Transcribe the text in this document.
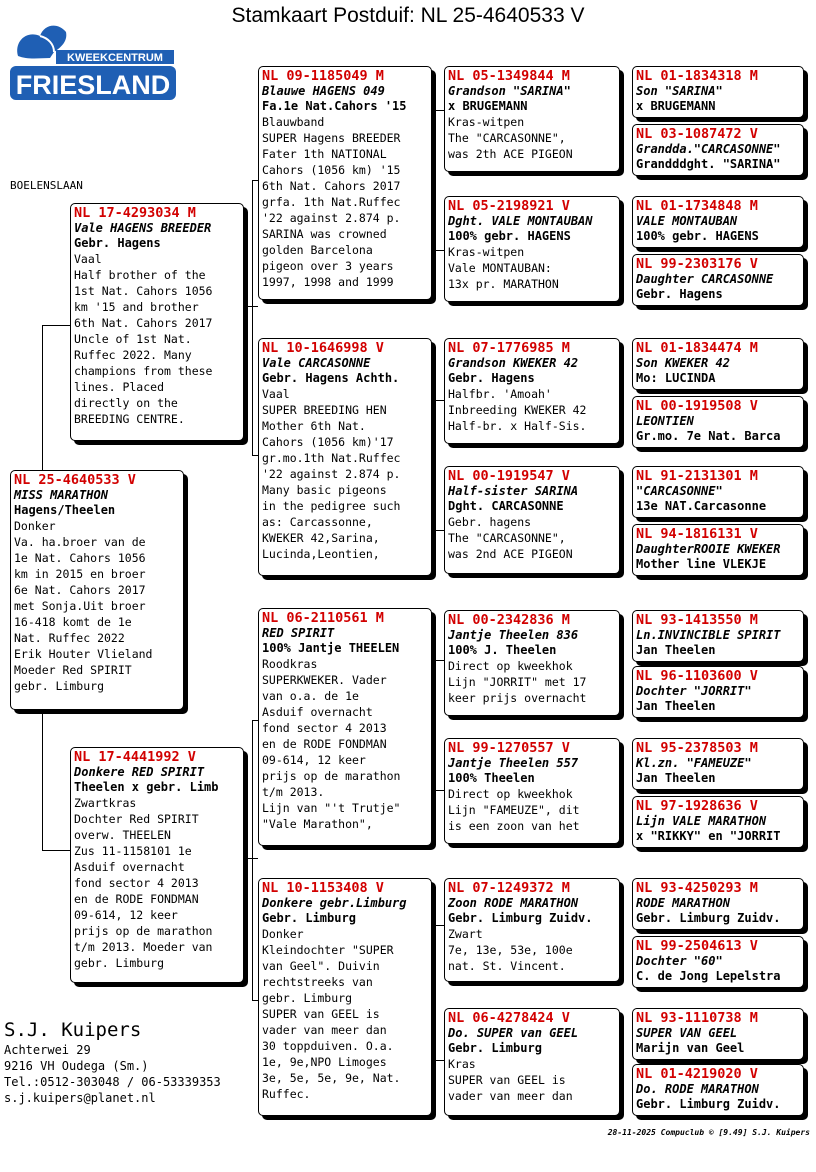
Stamkaart Postduif: NL 25-4640533 V
KWEEKCENTRUM
FRIESLAND
BOELENSLAAN
NL 25-4640533 V
MISS MARATHON
Hagens/Theelen
Donker
Va. ha.broer van de
1e Nat. Cahors 1056
km in 2015 en broer
6e Nat. Cahors 2017
met Sonja.Uit broer
16-418 komt de 1e
Nat. Ruffec 2022
Erik Houter Vlieland
Moeder Red SPIRIT
gebr. Limburg
NL 17-4293034 M
Vale HAGENS BREEDER
Gebr. Hagens
Vaal
Half brother of the
1st Nat. Cahors 1056
km '15 and brother
6th Nat. Cahors 2017
Uncle of 1st Nat.
Ruffec 2022. Many
champions from these
lines. Placed
directly on the
BREEDING CENTRE.
NL 17-4441992 V
Donkere RED SPIRIT
Theelen x gebr. Limb
Zwartkras
Dochter Red SPIRIT
overw. THEELEN
Zus 11-1158101 1e
Asduif overnacht
fond sector 4 2013
en de RODE FONDMAN
09-614, 12 keer
prijs op de marathon
t/m 2013. Moeder van
gebr. Limburg
NL 09-1185049 M
Blauwe HAGENS 049
Fa.1e Nat.Cahors '15
Blauwband
SUPER Hagens BREEDER
Fater 1th NATIONAL
Cahors (1056 km) '15
6th Nat. Cahors 2017
grfa. 1th Nat.Ruffec
'22 against 2.874 p.
SARINA was crowned
golden Barcelona
pigeon over 3 years
1997, 1998 and 1999
NL 10-1646998 V
Vale CARCASONNE
Gebr. Hagens Achth.
Vaal
SUPER BREEDING HEN
Mother 6th Nat.
Cahors (1056 km)'17
gr.mo.1th Nat.Ruffec
'22 against 2.874 p.
Many basic pigeons
in the pedigree such
as: Carcassonne,
KWEKER 42,Sarina,
Lucinda,Leontien,
NL 06-2110561 M
RED SPIRIT
100% Jantje THEELEN
Roodkras
SUPERKWEKER. Vader
van o.a. de 1e
Asduif overnacht
fond sector 4 2013
en de RODE FONDMAN
09-614, 12 keer
prijs op de marathon
t/m 2013.
Lijn van "'t Trutje"
"Vale Marathon",
NL 10-1153408 V
Donkere gebr.Limburg
Gebr. Limburg
Donker
Kleindochter "SUPER
van Geel". Duivin
rechtstreeks van
gebr. Limburg
SUPER van GEEL is
vader van meer dan
30 toppduiven. O.a.
1e, 9e,NPO Limoges
3e, 5e, 5e, 9e, Nat.
Ruffec.
NL 05-1349844 M
Grandson "SARINA"
x BRUGEMANN
Kras-witpen
The "CARCASONNE",
was 2th ACE PIGEON
NL 05-2198921 V
Dght. VALE MONTAUBAN
100% gebr. HAGENS
Kras-witpen
Vale MONTAUBAN:
13x pr. MARATHON
NL 07-1776985 M
Grandson KWEKER 42
Gebr. Hagens
Halfbr. 'Amoah'
Inbreeding KWEKER 42
Half-br. x Half-Sis.
NL 00-1919547 V
Half-sister SARINA
Dght. CARCASONNE
Gebr. hagens
The "CARCASONNE",
was 2nd ACE PIGEON
NL 00-2342836 M
Jantje Theelen 836
100% J. Theelen
Direct op kweekhok
Lijn "JORRIT" met 17
keer prijs overnacht
NL 99-1270557 V
Jantje Theelen 557
100% Theelen
Direct op kweekhok
Lijn "FAMEUZE", dit
is een zoon van het
NL 07-1249372 M
Zoon RODE MARATHON
Gebr. Limburg Zuidv.
Zwart
7e, 13e, 53e, 100e
nat. St. Vincent.
NL 06-4278424 V
Do. SUPER van GEEL
Gebr. Limburg
Kras
SUPER van GEEL is
vader van meer dan
NL 01-1834318 M
Son "SARINA"
x BRUGEMANN
NL 03-1087472 V
Grandda."CARCASONNE"
Grandddght. "SARINA"
NL 01-1734848 M
VALE MONTAUBAN
100% gebr. HAGENS
NL 99-2303176 V
Daughter CARCASONNE
Gebr. Hagens
NL 01-1834474 M
Son KWEKER 42
Mo: LUCINDA
NL 00-1919508 V
LEONTIEN
Gr.mo. 7e Nat. Barca
NL 91-2131301 M
"CARCASONNE"
13e NAT.Carcasonne
NL 94-1816131 V
DaughterROOIE KWEKER
Mother line VLEKJE
NL 93-1413550 M
Ln.INVINCIBLE SPIRIT
Jan Theelen
NL 96-1103600 V
Dochter "JORRIT"
Jan Theelen
NL 95-2378503 M
Kl.zn. "FAMEUZE"
Jan Theelen
NL 97-1928636 V
Lijn VALE MARATHON
x "RIKKY" en "JORRIT
NL 93-4250293 M
RODE MARATHON
Gebr. Limburg Zuidv.
NL 99-2504613 V
Dochter "60"
C. de Jong Lepelstra
NL 93-1110738 M
SUPER VAN GEEL
Marijn van Geel
NL 01-4219020 V
Do. RODE MARATHON
Gebr. Limburg Zuidv.
S.J. Kuipers
Achterwei 29
9216 VH Oudega (Sm.)
Tel.:0512-303048 / 06-53339353
s.j.kuipers@planet.nl
28-11-2025 Compuclub © [9.49] S.J. Kuipers
